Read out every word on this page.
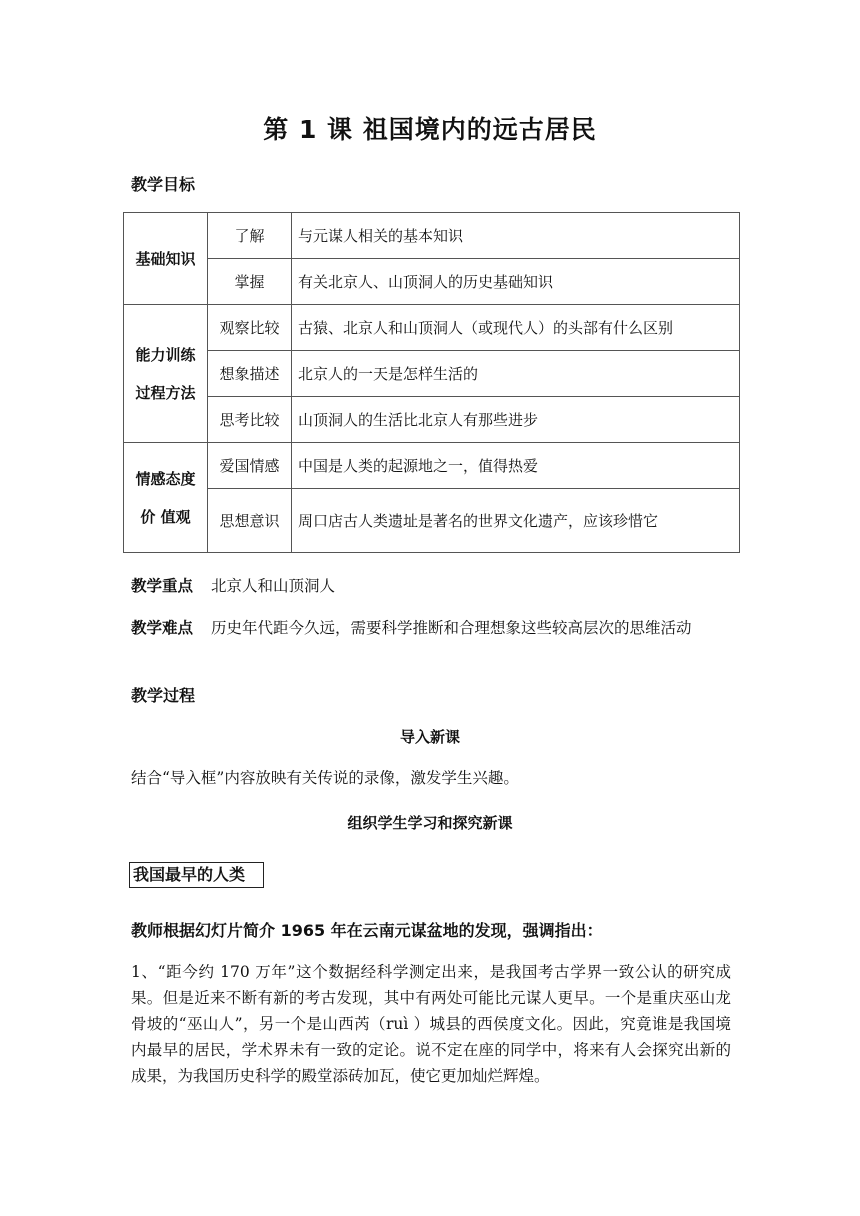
第 1 课 祖国境内的远古居民
教学目标
基础知识	了解	与元谋人相关的基本知识
	掌握	有关北京人、山顶洞人的历史基础知识

能力训练
过程方法	观察比较	古猿、北京人和山顶洞人（或现代人）的头部有什么区别
	想象描述	北京人的一天是怎样生活的
	思考比较	山顶洞人的生活比北京人有那些进步

情感态度
价 值观	爱国情感	中国是人类的起源地之一，值得热爱
	思想意识	周口店古人类遗址是著名的世界文化遗产，应该珍惜它
教学重点 北京人和山顶洞人
教学难点 历史年代距今久远，需要科学推断和合理想象这些较高层次的思维活动
教学过程
导入新课
结合“导入框”内容放映有关传说的录像，激发学生兴趣。
组织学生学习和探究新课
我国最早的人类
教师根据幻灯片简介 1965 年在云南元谋盆地的发现，强调指出：
1、“距今约 170 万年”这个数据经科学测定出来，是我国考古学界一致公认的研究成果。但是近来不断有新的考古发现，其中有两处可能比元谋人更早。一个是重庆巫山龙骨坡的“巫山人”，另一个是山西芮（ruì ）城县的西侯度文化。因此，究竟谁是我国境内最早的居民，学术界未有一致的定论。说不定在座的同学中，将来有人会探究出新的成果，为我国历史科学的殿堂添砖加瓦，使它更加灿烂辉煌。
